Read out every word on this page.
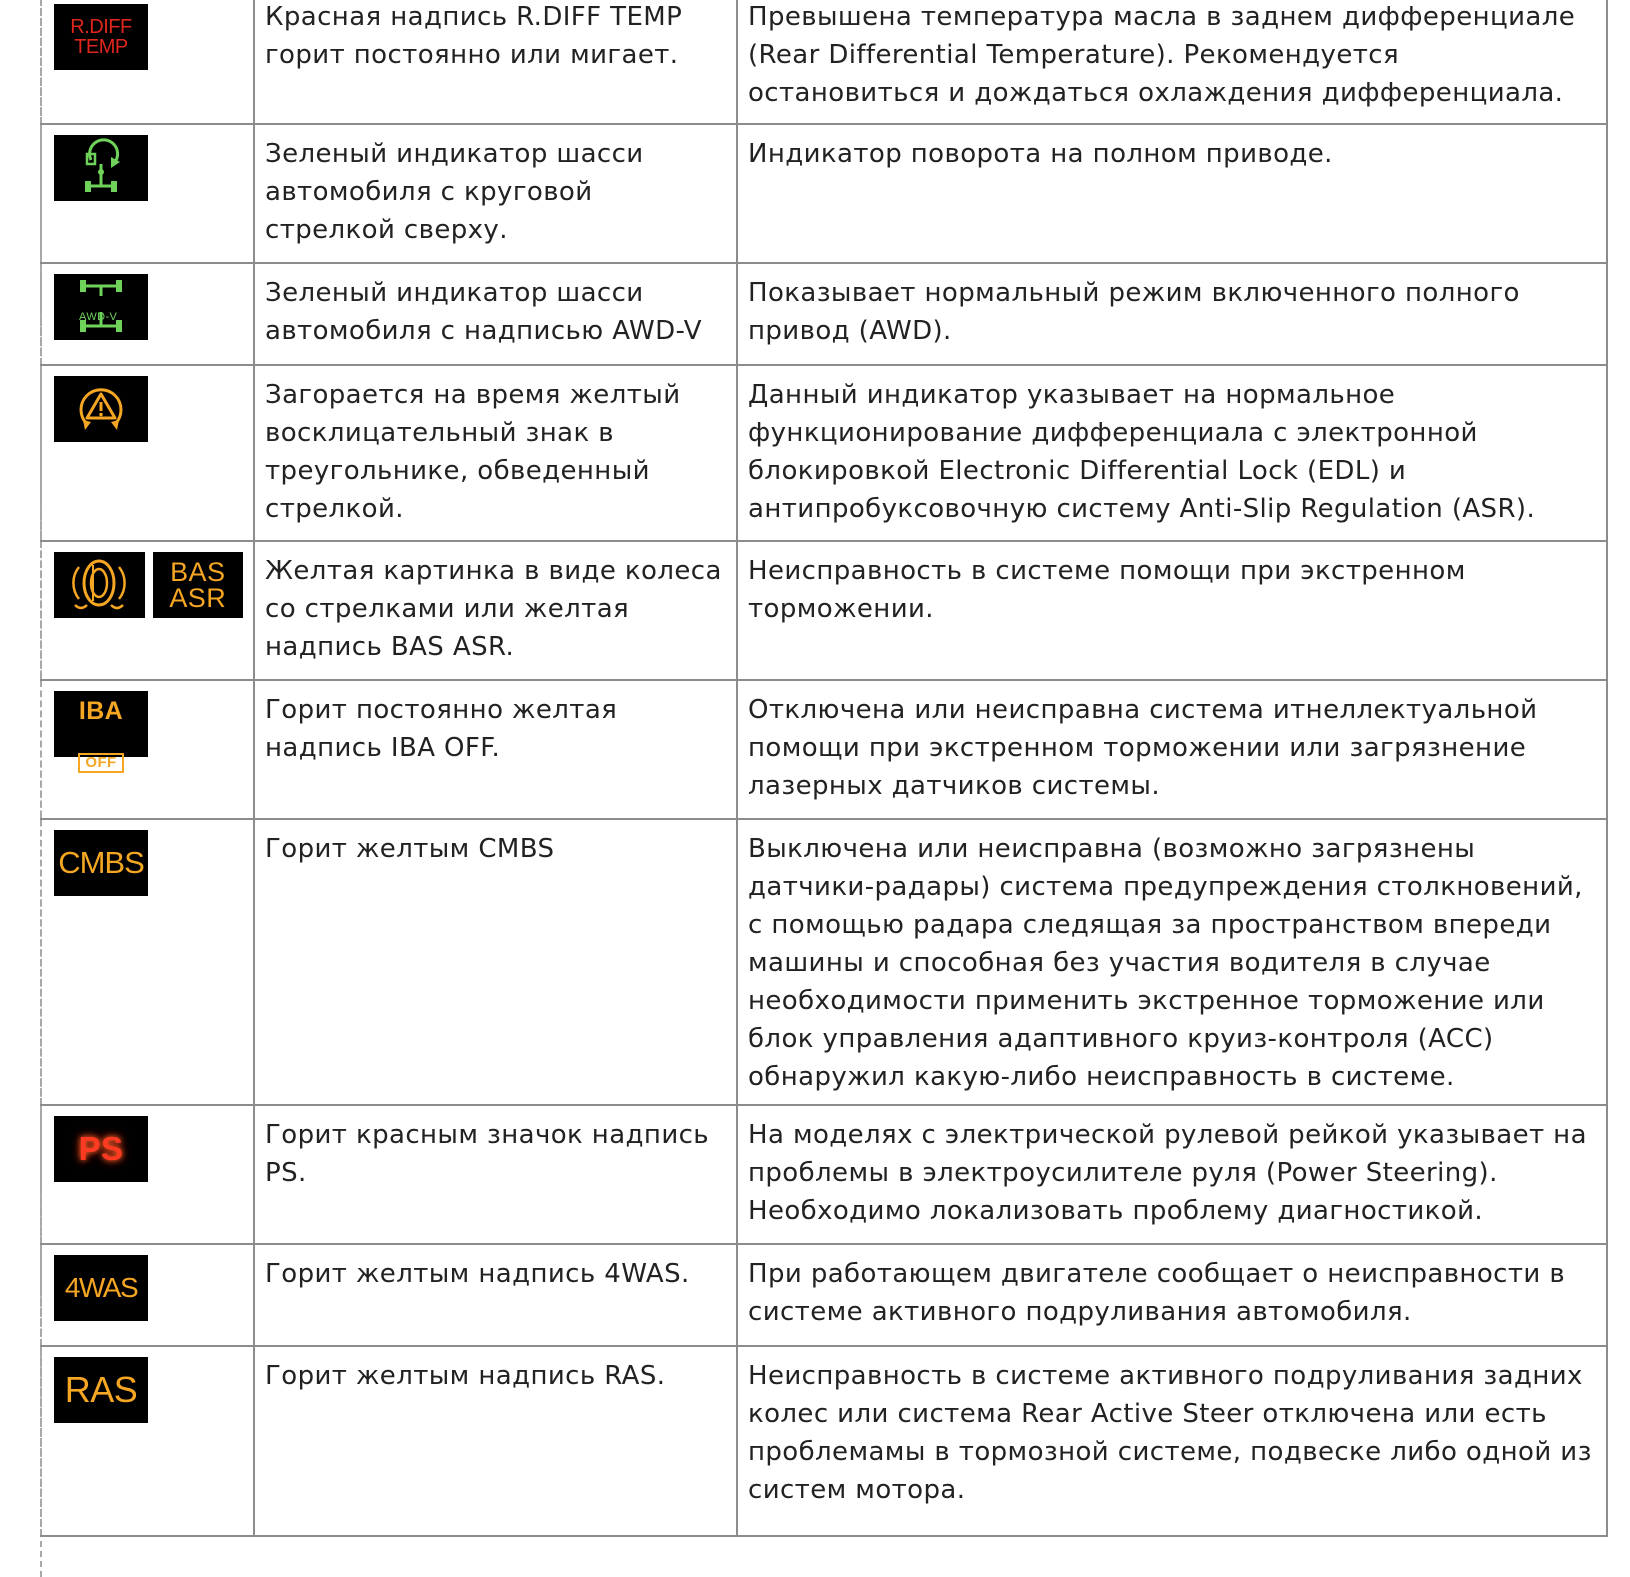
R.DIFF
TEMP	Красная надпись R.DIFF TEMP горит постоянно или мигает.	Превышена температура масла в заднем дифференциале (Rear Differential Temperature). Рекомендуется остановиться и дождаться охлаждения дифференциала.

	Зеленый индикатор шасси автомобиля с круговой стрелкой сверху.	Индикатор поворота на полном приводе.

AWD-V	Зеленый индикатор шасси автомобиля с надписью AWD-V	Показывает нормальный режим включенного полного привод (AWD).

	Загорается на время желтый восклицательный знак в треугольнике, обведенный стрелкой.	Данный индикатор указывает на нормальное функционирование дифференциала с электронной блокировкой Electronic Differential Lock (EDL) и антипробуксовочную систему Anti-Slip Regulation (ASR).

BAS
ASR	Желтая картинка в виде колеса со стрелками или желтая надпись BAS ASR.	Неисправность в системе помощи при экстренном торможении.

IBA

OFF	Горит постоянно желтая надпись IBA OFF.	Отключена или неисправна система итнеллектуальной помощи при экстренном торможении или загрязнение лазерных датчиков системы.

CMBS	Горит желтым CMBS	Выключена или неисправна (возможно загрязнены датчики-радары) система предупреждения столкновений, с помощью радара следящая за пространством впереди машины и способная без участия водителя в случае необходимости применить экстренное торможение или блок управления адаптивного круиз-контроля (ACC) обнаружил какую-либо неисправность в системе.

PS	Горит красным значок надпись PS.	На моделях с электрической рулевой рейкой указывает на проблемы в электроусилителе руля (Power Steering). Необходимо локализовать проблему диагностикой.

4WAS	Горит желтым надпись 4WAS.	При работающем двигателе сообщает о неисправности в системе активного подруливания автомобиля.

RAS	Горит желтым надпись RAS.	Неисправность в системе активного подруливания задних колес или система Rear Active Steer отключена или есть проблемамы в тормозной системе, подвеске либо одной из систем мотора.
